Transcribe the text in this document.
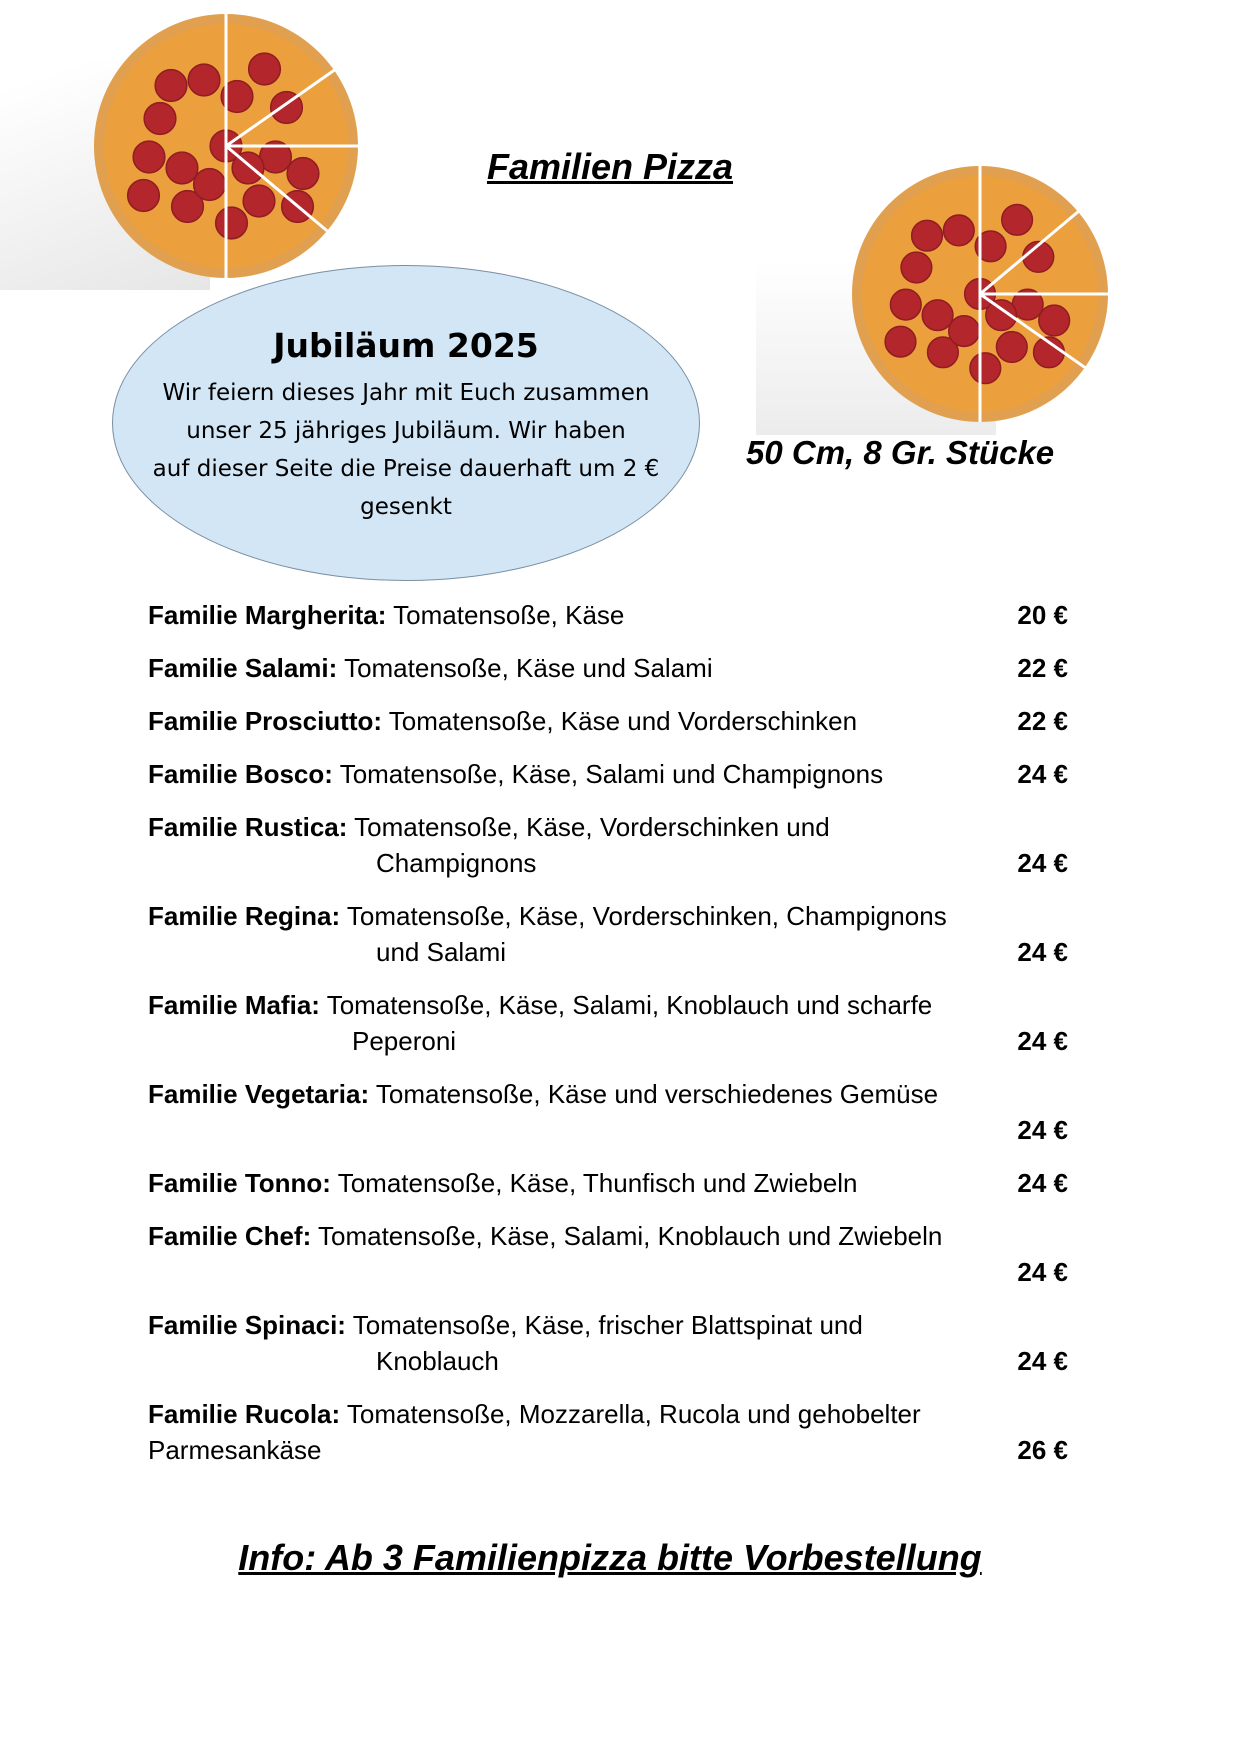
Familien Pizza
Jubiläum 2025
Wir feiern dieses Jahr mit Euch zusammen
unser 25 jähriges Jubiläum. Wir haben
auf dieser Seite die Preise dauerhaft um 2 €
gesenkt
50 Cm, 8 Gr. Stücke
Familie Margherita: Tomatensoße, Käse	20 €
Familie Salami: Tomatensoße, Käse und Salami	22 €
Familie Prosciutto: Tomatensoße, Käse und Vorderschinken	22 €
Familie Bosco: Tomatensoße, Käse, Salami und Champignons	24 €
Familie Rustica: Tomatensoße, Käse, Vorderschinken und
Champignons	24 €
Familie Regina: Tomatensoße, Käse, Vorderschinken, Champignons
und Salami	24 €
Familie Mafia: Tomatensoße, Käse, Salami, Knoblauch und scharfe
Peperoni	24 €
Familie Vegetaria: Tomatensoße, Käse und verschiedenes Gemüse

24 €
Familie Tonno: Tomatensoße, Käse, Thunfisch und Zwiebeln	24 €
Familie Chef: Tomatensoße, Käse, Salami, Knoblauch und Zwiebeln

24 €
Familie Spinaci: Tomatensoße, Käse, frischer Blattspinat und
Knoblauch	24 €
Familie Rucola: Tomatensoße, Mozzarella, Rucola und gehobelter
Parmesankäse	26 €
Info: Ab 3 Familienpizza bitte Vorbestellung
